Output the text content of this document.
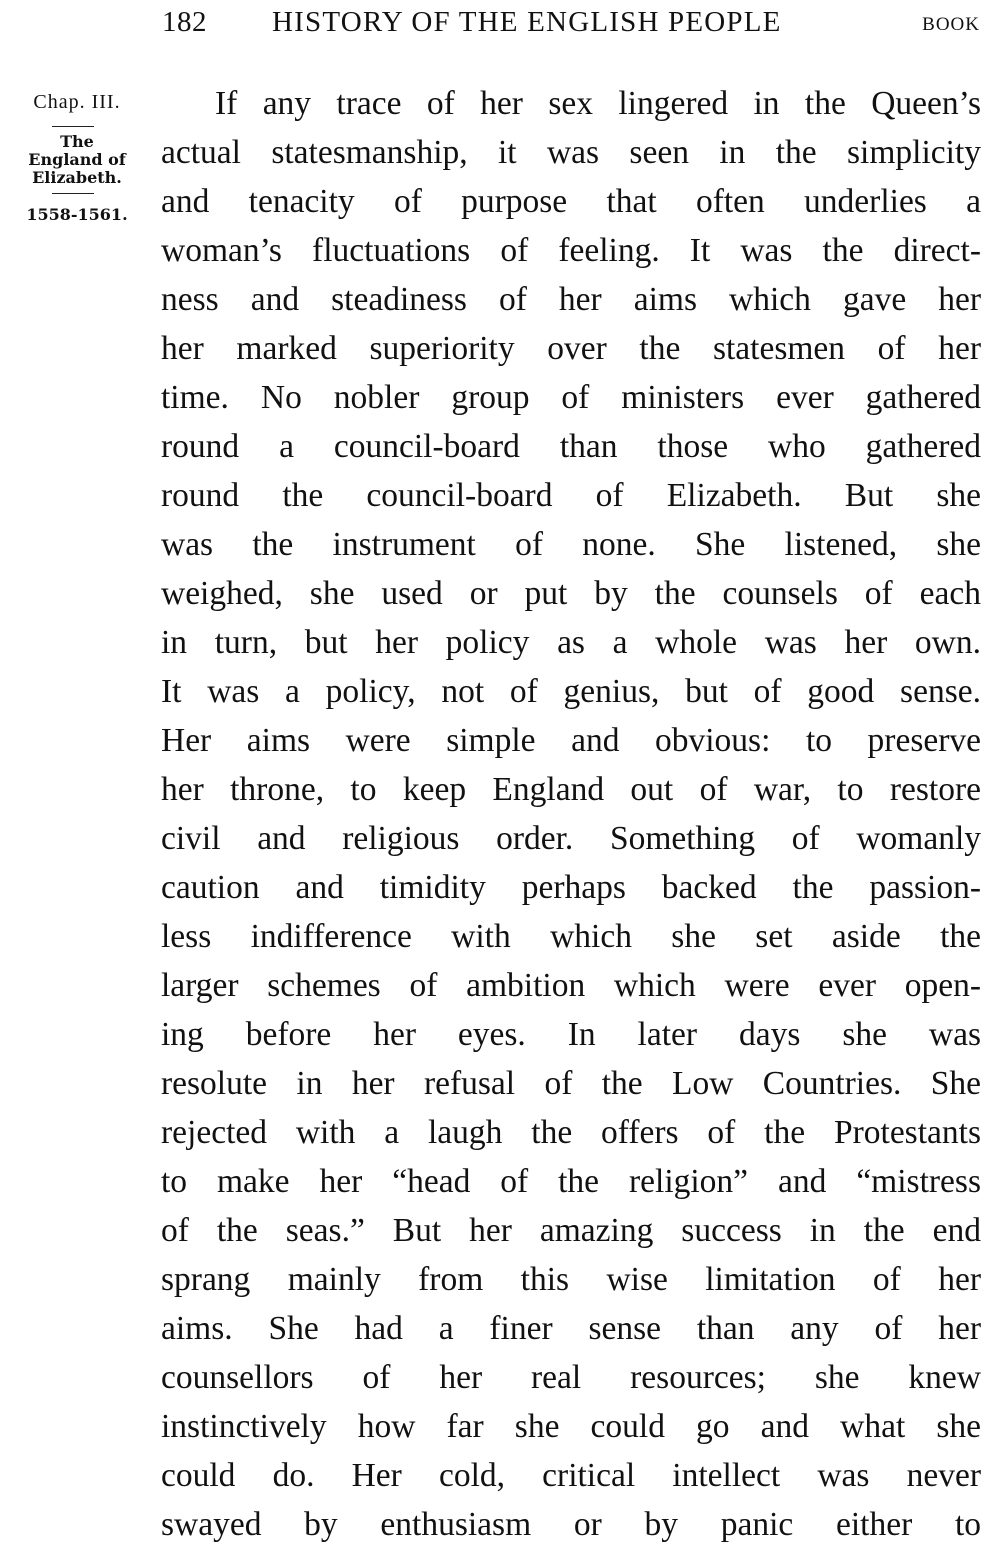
182 HISTORY OF THE ENGLISH PEOPLE	BOOK
Chap. III.
The
England of
Elizabeth.
1558-1561.
If any trace of her sex lingered in the Queen’s
actual statesmanship, it was seen in the simplicity
and tenacity of purpose that often underlies a
woman’s fluctuations of feeling. It was the direct-
ness and steadiness of her aims which gave her
her marked superiority over the statesmen of her
time. No nobler group of ministers ever gathered
round a council-board than those who gathered
round the council-board of Elizabeth. But she
was the instrument of none. She listened, she
weighed, she used or put by the counsels of each
in turn, but her policy as a whole was her own.
It was a policy, not of genius, but of good sense.
Her aims were simple and obvious: to preserve
her throne, to keep England out of war, to restore
civil and religious order. Something of womanly
caution and timidity perhaps backed the passion-
less indifference with which she set aside the
larger schemes of ambition which were ever open-
ing before her eyes. In later days she was
resolute in her refusal of the Low Countries. She
rejected with a laugh the offers of the Protestants
to make her “head of the religion” and “mistress
of the seas.” But her amazing success in the end
sprang mainly from this wise limitation of her
aims. She had a finer sense than any of her
counsellors of her real resources; she knew
instinctively how far she could go and what she
could do. Her cold, critical intellect was never
swayed by enthusiasm or by panic either to
